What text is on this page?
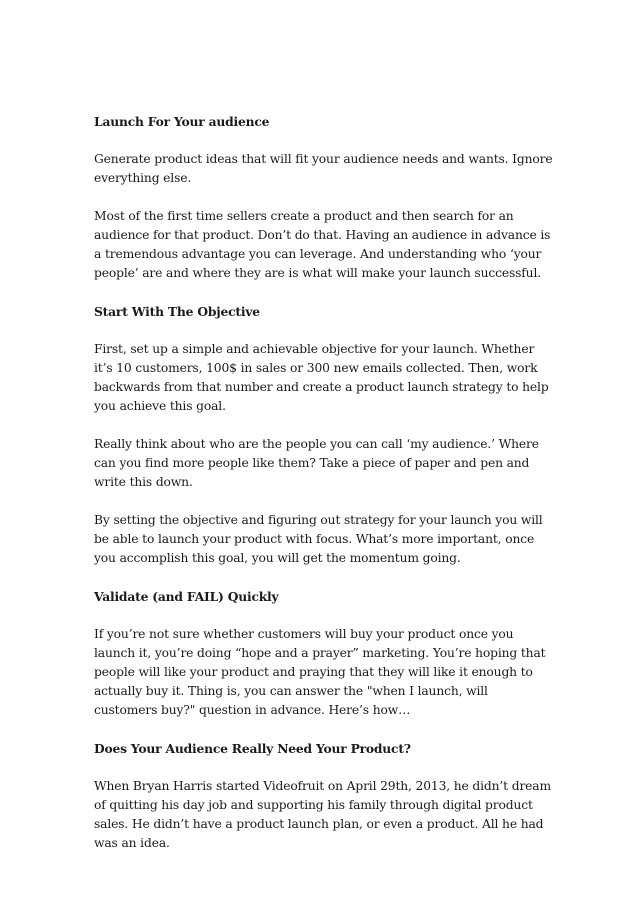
Launch For Your audience

Generate product ideas that will fit your audience needs and wants. Ignore everything else.

Most of the first time sellers create a product and then search for an audience for that product. Don’t do that. Having an audience in advance is a tremendous advantage you can leverage. And understanding who ‘your people’ are and where they are is what will make your launch successful.

Start With The Objective

First, set up a simple and achievable objective for your launch. Whether it’s 10 customers, 100$ in sales or 300 new emails collected. Then, work backwards from that number and create a product launch strategy to help you achieve this goal.

Really think about who are the people you can call ‘my audience.’ Where can you find more people like them? Take a piece of paper and pen and write this down.

By setting the objective and figuring out strategy for your launch you will be able to launch your product with focus. What’s more important, once you accomplish this goal, you will get the momentum going.

Validate (and FAIL) Quickly

If you’re not sure whether customers will buy your product once you launch it, you’re doing “hope and a prayer” marketing. You’re hoping that people will like your product and praying that they will like it enough to actually buy it. Thing is, you can answer the "when I launch, will customers buy?" question in advance. Here’s how…

Does Your Audience Really Need Your Product?

When Bryan Harris started Videofruit on April 29th, 2013, he didn’t dream of quitting his day job and supporting his family through digital product sales. He didn’t have a product launch plan, or even a product. All he had was an idea.
